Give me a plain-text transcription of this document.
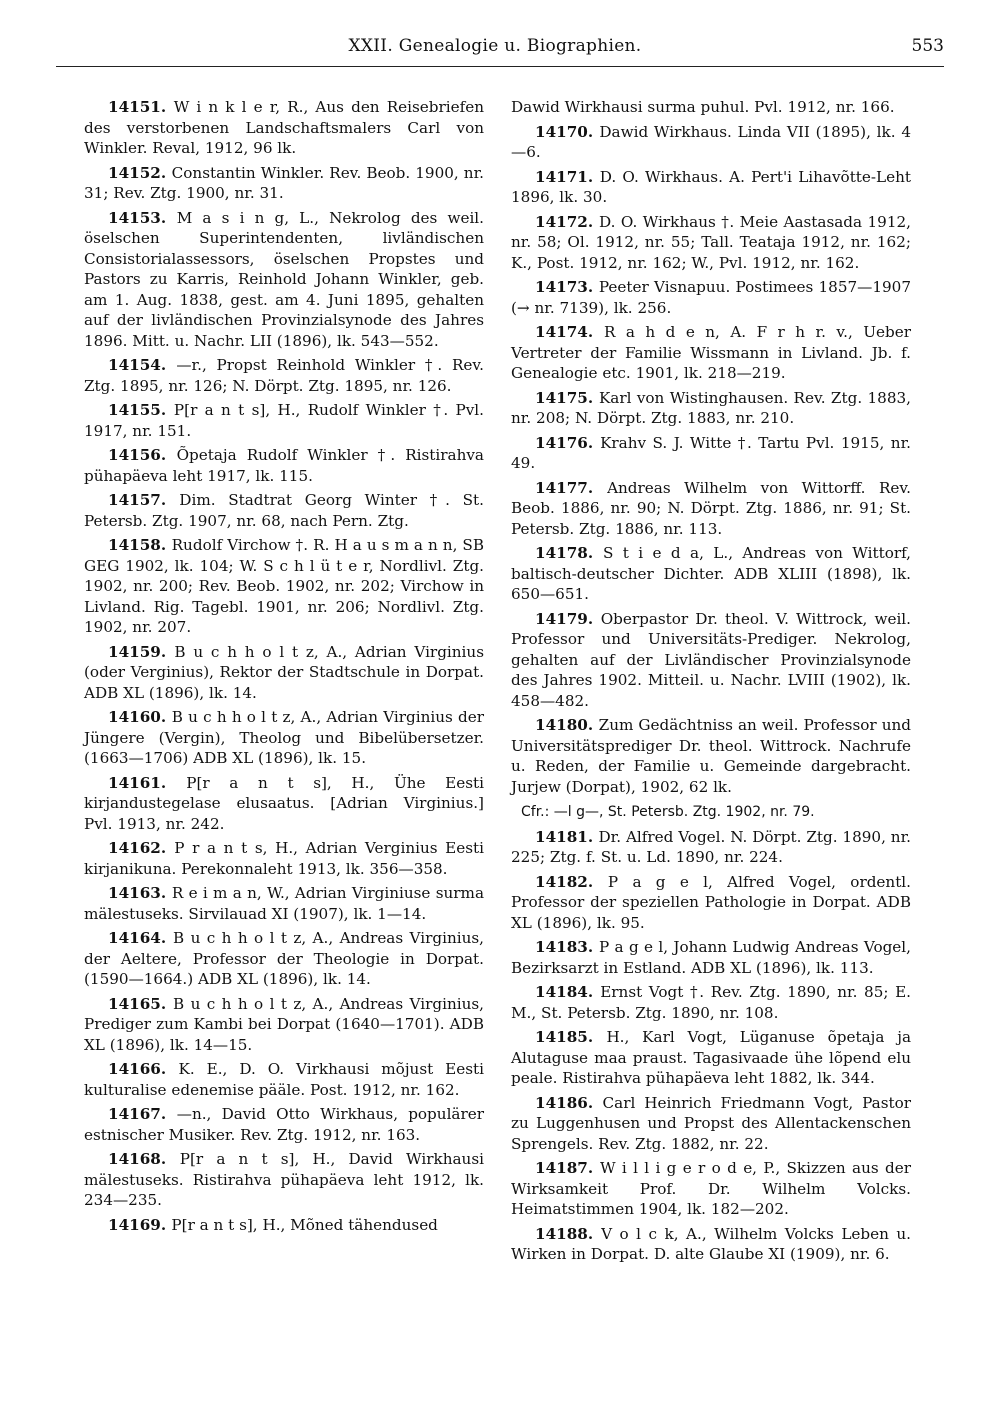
XXII. Genealogie u. Biographien.	553

14151. W i n k l e r, R., Aus den Reisebriefen des verstorbenen Landschaftsmalers Carl von Winkler. Reval, 1912, 96 lk.

14152. Constantin Winkler. Rev. Beob. 1900, nr. 31; Rev. Ztg. 1900, nr. 31.

14153. M a s i n g, L., Nekrolog des weil. öselschen Superintendenten, livländischen Consistorialassessors, öselschen Propstes und Pastors zu Karris, Reinhold Johann Winkler, geb. am 1. Aug. 1838, gest. am 4. Juni 1895, gehalten auf der livländischen Provinzialsynode des Jahres 1896. Mitt. u. Nachr. LII (1896), lk. 543—552.

14154. —r., Propst Reinhold Winkler †. Rev. Ztg. 1895, nr. 126; N. Dörpt. Ztg. 1895, nr. 126.

14155. P[r a n t s], H., Rudolf Winkler †. Pvl. 1917, nr. 151.

14156. Õpetaja Rudolf Winkler †. Ristirahva pühapäeva leht 1917, lk. 115.

14157. Dim. Stadtrat Georg Winter †. St. Petersb. Ztg. 1907, nr. 68, nach Pern. Ztg.

14158. Rudolf Virchow †. R. H a u s m a n n, SB GEG 1902, lk. 104; W. S c h l ü t e r, Nordlivl. Ztg. 1902, nr. 200; Rev. Beob. 1902, nr. 202; Virchow in Livland. Rig. Tagebl. 1901, nr. 206; Nordlivl. Ztg. 1902, nr. 207.

14159. B u c h h o l t z, A., Adrian Virginius (oder Verginius), Rektor der Stadtschule in Dorpat. ADB XL (1896), lk. 14.

14160. B u c h h o l t z, A., Adrian Virginius der Jüngere (Vergin), Theolog und Bibelübersetzer. (1663—1706) ADB XL (1896), lk. 15.

14161. P[r a n t s], H., Ühe Eesti kirjandustegelase elusaatus. [Adrian Virginius.] Pvl. 1913, nr. 242.

14162. P r a n t s, H., Adrian Verginius Eesti kirjanikuna. Perekonnaleht 1913, lk. 356—358.

14163. R e i m a n, W., Adrian Virginiuse surma mälestuseks. Sirvilauad XI (1907), lk. 1—14.

14164. B u c h h o l t z, A., Andreas Virginius, der Aeltere, Professor der Theologie in Dorpat. (1590—1664.) ADB XL (1896), lk. 14.

14165. B u c h h o l t z, A., Andreas Virginius, Prediger zum Kambi bei Dorpat (1640—1701). ADB XL (1896), lk. 14—15.

14166. K. E., D. O. Virkhausi mõjust Eesti kulturalise edenemise pääle. Post. 1912, nr. 162.

14167. —n., David Otto Wirkhaus, populärer estnischer Musiker. Rev. Ztg. 1912, nr. 163.

14168. P[r a n t s], H., David Wirkhausi mälestuseks. Ristirahva pühapäeva leht 1912, lk. 234—235.

14169. P[r a n t s], H., Mõned tähendused

Dawid Wirkhausi surma puhul. Pvl. 1912, nr. 166.

14170. Dawid Wirkhaus. Linda VII (1895), lk. 4—6.

14171. D. O. Wirkhaus. A. Pert'i Lihavõtte-Leht 1896, lk. 30.

14172. D. O. Wirkhaus †. Meie Aastasada 1912, nr. 58; Ol. 1912, nr. 55; Tall. Teataja 1912, nr. 162; K., Post. 1912, nr. 162; W., Pvl. 1912, nr. 162.

14173. Peeter Visnapuu. Postimees 1857—1907 (→ nr. 7139), lk. 256.

14174. R a h d e n, A. F r h r. v., Ueber Vertreter der Familie Wissmann in Livland. Jb. f. Genealogie etc. 1901, lk. 218—219.

14175. Karl von Wistinghausen. Rev. Ztg. 1883, nr. 208; N. Dörpt. Ztg. 1883, nr. 210.

14176. Krahv S. J. Witte †. Tartu Pvl. 1915, nr. 49.

14177. Andreas Wilhelm von Wittorff. Rev. Beob. 1886, nr. 90; N. Dörpt. Ztg. 1886, nr. 91; St. Petersb. Ztg. 1886, nr. 113.

14178. S t i e d a, L., Andreas von Wittorf, baltisch-deutscher Dichter. ADB XLIII (1898), lk. 650—651.

14179. Oberpastor Dr. theol. V. Wittrock, weil. Professor und Universitäts-Prediger. Nekrolog, gehalten auf der Livländischer Provinzialsynode des Jahres 1902. Mitteil. u. Nachr. LVIII (1902), lk. 458—482.

14180. Zum Gedächtniss an weil. Professor und Universitätsprediger Dr. theol. Wittrock. Nachrufe u. Reden, der Familie u. Gemeinde dargebracht. Jurjew (Dorpat), 1902, 62 lk.

Cfr.: —l g—, St. Petersb. Ztg. 1902, nr. 79.

14181. Dr. Alfred Vogel. N. Dörpt. Ztg. 1890, nr. 225; Ztg. f. St. u. Ld. 1890, nr. 224.

14182. P a g e l, Alfred Vogel, ordentl. Professor der speziellen Pathologie in Dorpat. ADB XL (1896), lk. 95.

14183. P a g e l, Johann Ludwig Andreas Vogel, Bezirksarzt in Estland. ADB XL (1896), lk. 113.

14184. Ernst Vogt †. Rev. Ztg. 1890, nr. 85; E. M., St. Petersb. Ztg. 1890, nr. 108.

14185. H., Karl Vogt, Lüganuse õpetaja ja Alutaguse maa praust. Tagasivaade ühe lõpend elu peale. Ristirahva pühapäeva leht 1882, lk. 344.

14186. Carl Heinrich Friedmann Vogt, Pastor zu Luggenhusen und Propst des Allentackenschen Sprengels. Rev. Ztg. 1882, nr. 22.

14187. W i l l i g e r o d e, P., Skizzen aus der Wirksamkeit Prof. Dr. Wilhelm Volcks. Heimatstimmen 1904, lk. 182—202.

14188. V o l c k, A., Wilhelm Volcks Leben u. Wirken in Dorpat. D. alte Glaube XI (1909), nr. 6.
